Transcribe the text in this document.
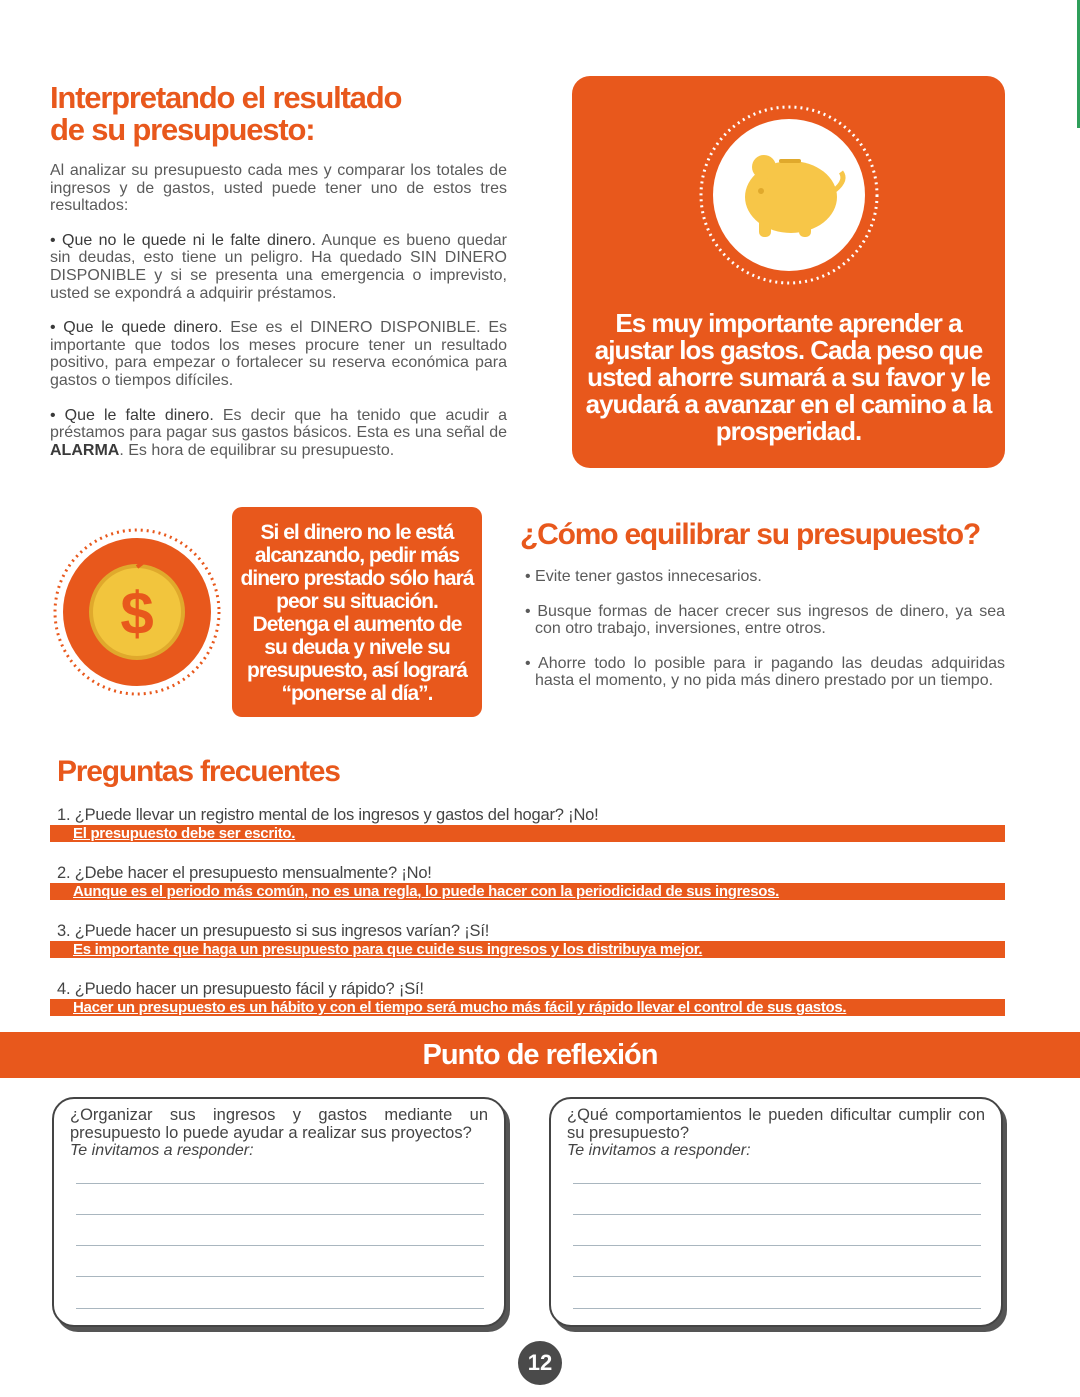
Interpretando el resultado
de su presupuesto:

Al analizar su presupuesto cada mes y comparar los totales de ingresos y de gastos, usted puede tener uno de estos tres resultados:

• Que no le quede ni le falte dinero. Aunque es bueno quedar sin deudas, esto tiene un peligro. Ha quedado SIN DINERO DISPONIBLE y si se presenta una emergencia o imprevisto, usted se expondrá a adquirir préstamos.

• Que le quede dinero. Ese es el DINERO DISPONIBLE. Es importante que todos los meses procure tener un resultado positivo, para empezar o fortalecer su reserva económica para gastos o tiempos difíciles.

• Que le falte dinero. Es decir que ha tenido que acudir a préstamos para pagar sus gastos básicos. Esta es una señal de ALARMA. Es hora de equilibrar su presupuesto.

Es muy importante aprender a ajustar los gastos. Cada peso que usted ahorre sumará a su favor y le ayudará a avanzar en el camino a la prosperidad.
$
Si el dinero no le está alcanzando, pedir más dinero prestado sólo hará peor su situación. Detenga el aumento de su deuda y nivele su presupuesto, así logrará “ponerse al día”.
¿Cómo equilibrar su presupuesto?
• Evite tener gastos innecesarios.
• Busque formas de hacer crecer sus ingresos de dinero, ya sea con otro trabajo, inversiones, entre otros.
• Ahorre todo lo posible para ir pagando las deudas adquiridas hasta el momento, y no pida más dinero prestado por un tiempo.
Preguntas frecuentes
1. ¿Puede llevar un registro mental de los ingresos y gastos del hogar? ¡No!
El presupuesto debe ser escrito.
2. ¿Debe hacer el presupuesto mensualmente? ¡No!
Aunque es el periodo más común, no es una regla, lo puede hacer con la periodicidad de sus ingresos.
3. ¿Puede hacer un presupuesto si sus ingresos varían? ¡Sí!
Es importante que haga un presupuesto para que cuide sus ingresos y los distribuya mejor.
4. ¿Puedo hacer un presupuesto fácil y rápido? ¡Sí!
Hacer un presupuesto es un hábito y con el tiempo será mucho más fácil y rápido llevar el control de sus gastos.
Punto de reflexión
¿Organizar sus ingresos y gastos mediante un presupuesto lo puede ayudar a realizar sus proyectos?
Te invitamos a responder:
¿Qué comportamientos le pueden dificultar cumplir con su presupuesto?
Te invitamos a responder:
12
